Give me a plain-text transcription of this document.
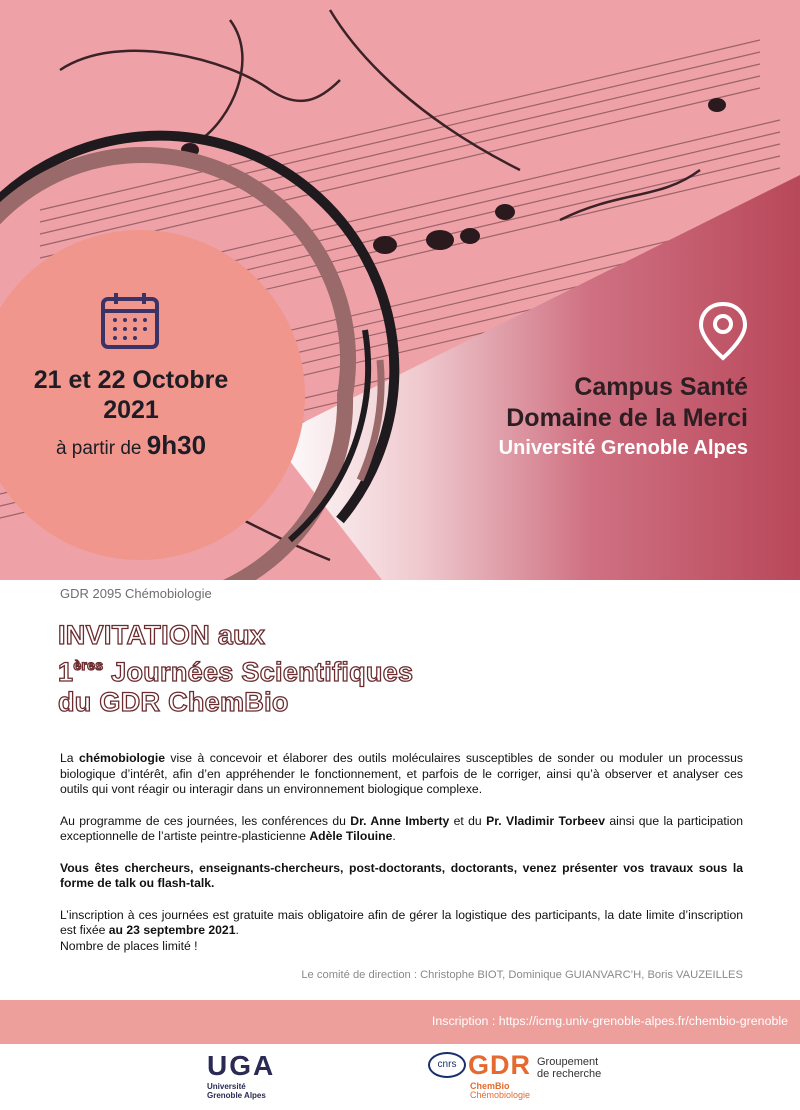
21 et 22 Octobre
2021
à partir de 9h30
Campus Santé
Domaine de la Merci
Université Grenoble Alpes
GDR 2095 Chémobiologie
INVITATION aux
1ères Journées Scientifiques
du GDR ChemBio

La chémobiologie vise à concevoir et élaborer des outils moléculaires susceptibles de sonder ou moduler un processus biologique d’intérêt, afin d’en appréhender le fonctionnement, et parfois de le corriger, ainsi qu’à observer et analyser ces outils qui vont réagir ou interagir dans un environnement biologique complexe.

Au programme de ces journées, les conférences du Dr. Anne Imberty et du Pr. Vladimir Torbeev ainsi que la participation exceptionnelle de l’artiste peintre-plasticienne Adèle Tilouine.

Vous êtes chercheurs, enseignants-chercheurs, post-doctorants, doctorants, venez présenter vos travaux sous la forme de talk ou flash-talk.

L’inscription à ces journées est gratuite mais obligatoire afin de gérer la logistique des participants, la date limite d’inscription est fixée au 23 septembre 2021.
Nombre de places limité !

Le comité de direction : Christophe BIOT, Dominique GUIANVARC’H, Boris VAUZEILLES
Inscription : https://icmg.univ-grenoble-alpes.fr/chembio-grenoble
UGA
Université
Grenoble Alpes
cnrs GDR Groupement
de recherche
ChemBio
Chémobiologie
